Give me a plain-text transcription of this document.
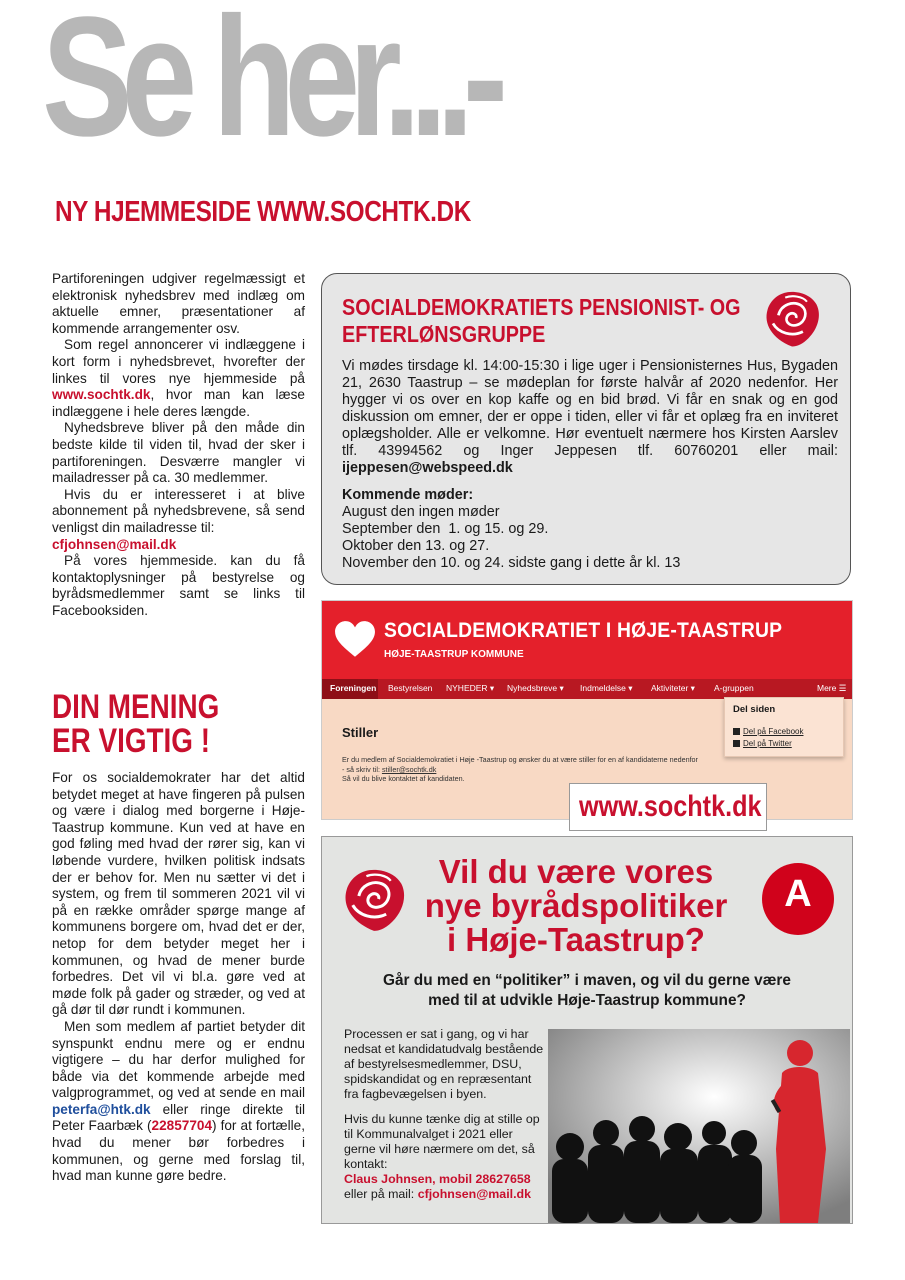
Se her...-
NY HJEMMESIDE WWW.SOCHTK.DK

Partiforeningen udgiver regelmæssigt et elektronisk nyhedsbrev med indlæg om aktuelle emner, præsentationer af kommende arrangementer osv.

Som regel annoncerer vi indlæggene i kort form i nyhedsbrevet, hvorefter der linkes til vores nye hjemmeside på www.sochtk.dk, hvor man kan læse indlæggene i hele deres længde.

Nyhedsbreve bliver på den måde din bedste kilde til viden til, hvad der sker i partiforeningen. Desværre mangler vi mailadresser på ca. 30 medlemmer.

Hvis du er interesseret i at blive abonnement på nyhedsbrevene, så send venligst din mailadresse til:

cfjohnsen@mail.dk

På vores hjemmeside. kan du få kontaktoplysninger på bestyrelse og byrådsmedlemmer samt se links til Facebooksiden.

DIN MENING
ER VIGTIG !

For os socialdemokrater har det altid betydet meget at have fingeren på pulsen og være i dialog med borgerne i Høje-Taastrup kommune. Kun ved at have en god føling med hvad der rører sig, kan vi løbende vurdere, hvilken politisk indsats der er behov for. Men nu sætter vi det i system, og frem til sommeren 2021 vil vi på en række områder spørge mange af kommunens borgere om, hvad det er der, netop for dem betyder meget her i kommunen, og hvad de mener burde forbedres. Det vil vi bl.a. gøre ved at møde folk på gader og stræder, og ved at gå dør til dør rundt i kommunen.

Men som medlem af partiet betyder dit synspunkt endnu mere og er endnu vigtigere – du har derfor mulighed for både via det kommende arbejde med valgprogrammet, og ved at sende en mail peterfa@htk.dk eller ringe direkte til Peter Faarbæk (22857704) for at fortælle, hvad du mener bør forbedres i kommunen, og gerne med forslag til, hvad man kunne gøre bedre.

SOCIALDEMOKRATIETS PENSIONIST- OG
EFTERLØNSGRUPPE
Vi mødes tirsdage kl. 14:00-15:30 i lige uger i Pensionisternes Hus, Bygaden 21, 2630 Taastrup – se mødeplan for første halvår af 2020 nedenfor. Her hygger vi os over en kop kaffe og en bid brød. Vi får en snak og en god diskussion om emner, der er oppe i tiden, eller vi får et oplæg fra en inviteret oplægsholder. Alle er velkomne. Hør eventuelt nærmere hos Kirsten Aarslev tlf. 43994562 og Inger Jeppesen tlf. 60760201 eller mail: ijeppesen@webspeed.dk
Kommende møder:
August den ingen møder
September den  1. og 15. og 29.
Oktober den 13. og 27.
November den 10. og 24. sidste gang i dette år kl. 13
SOCIALDEMOKRATIET I HØJE-TAASTRUP
HØJE-TAASTRUP KOMMUNE
Foreningen Bestyrelsen NYHEDER ▾ Nyhedsbreve ▾ Indmeldelse ▾ Aktiviteter ▾ A-gruppen	Mere ☰
Stiller
Er du medlem af Socialdemokratiet i Høje -Taastrup og ønsker du at være stiller for en af kandidaterne nedenfor - så skriv til: stiller@sochtk.dk
Så vil du blive kontaktet af kandidaten.
Del siden
Del på Facebook
Del på Twitter
www.sochtk.dk
Vil du være vores
nye byrådspolitiker
i Høje-Taastrup?
A
Går du med en “politiker” i maven, og vil du gerne være
med til at udvikle Høje-Taastrup kommune?

Processen er sat i gang, og vi har nedsat et kandidatudvalg bestående af bestyrelsesmedlemmer, DSU, spidskandidat og en repræsentant fra fagbevægelsen i byen.

Hvis du kunne tænke dig at stille op til Kommunalvalget i 2021 eller gerne vil høre nærmere om det, så kontakt:
Claus Johnsen, mobil 28627658
eller på mail: cfjohnsen@mail.dk
